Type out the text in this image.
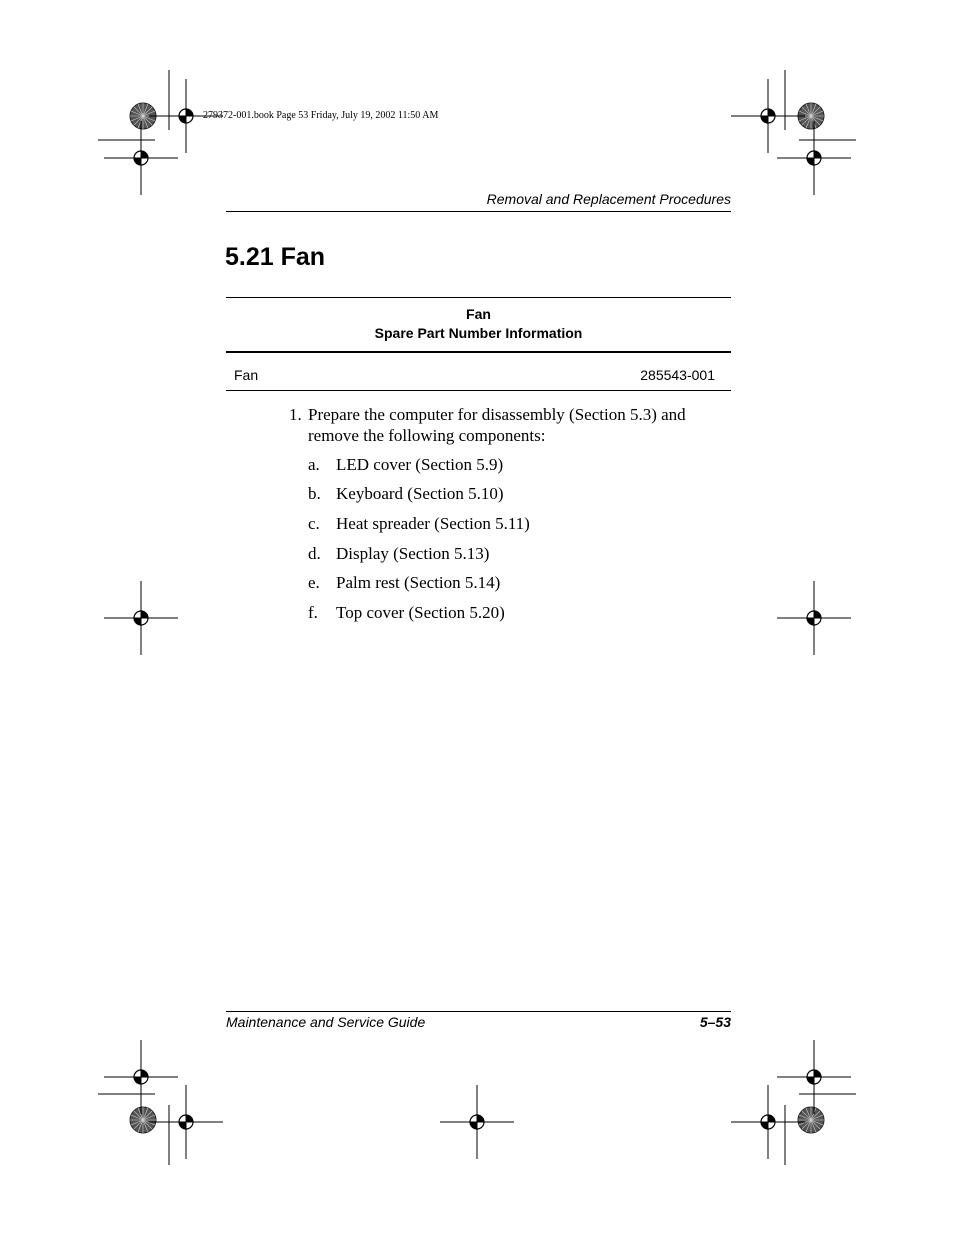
279372-001.book Page 53 Friday, July 19, 2002 11:50 AM
Removal and Replacement Procedures
5.21 Fan
Fan
Spare Part Number Information
Fan	285543-001
1. Prepare the computer for disassembly (Section 5.3) and remove the following components:
a. LED cover (Section 5.9)
b. Keyboard (Section 5.10)
c. Heat spreader (Section 5.11)
d. Display (Section 5.13)
e. Palm rest (Section 5.14)
f. Top cover (Section 5.20)
Maintenance and Service Guide	5–53
